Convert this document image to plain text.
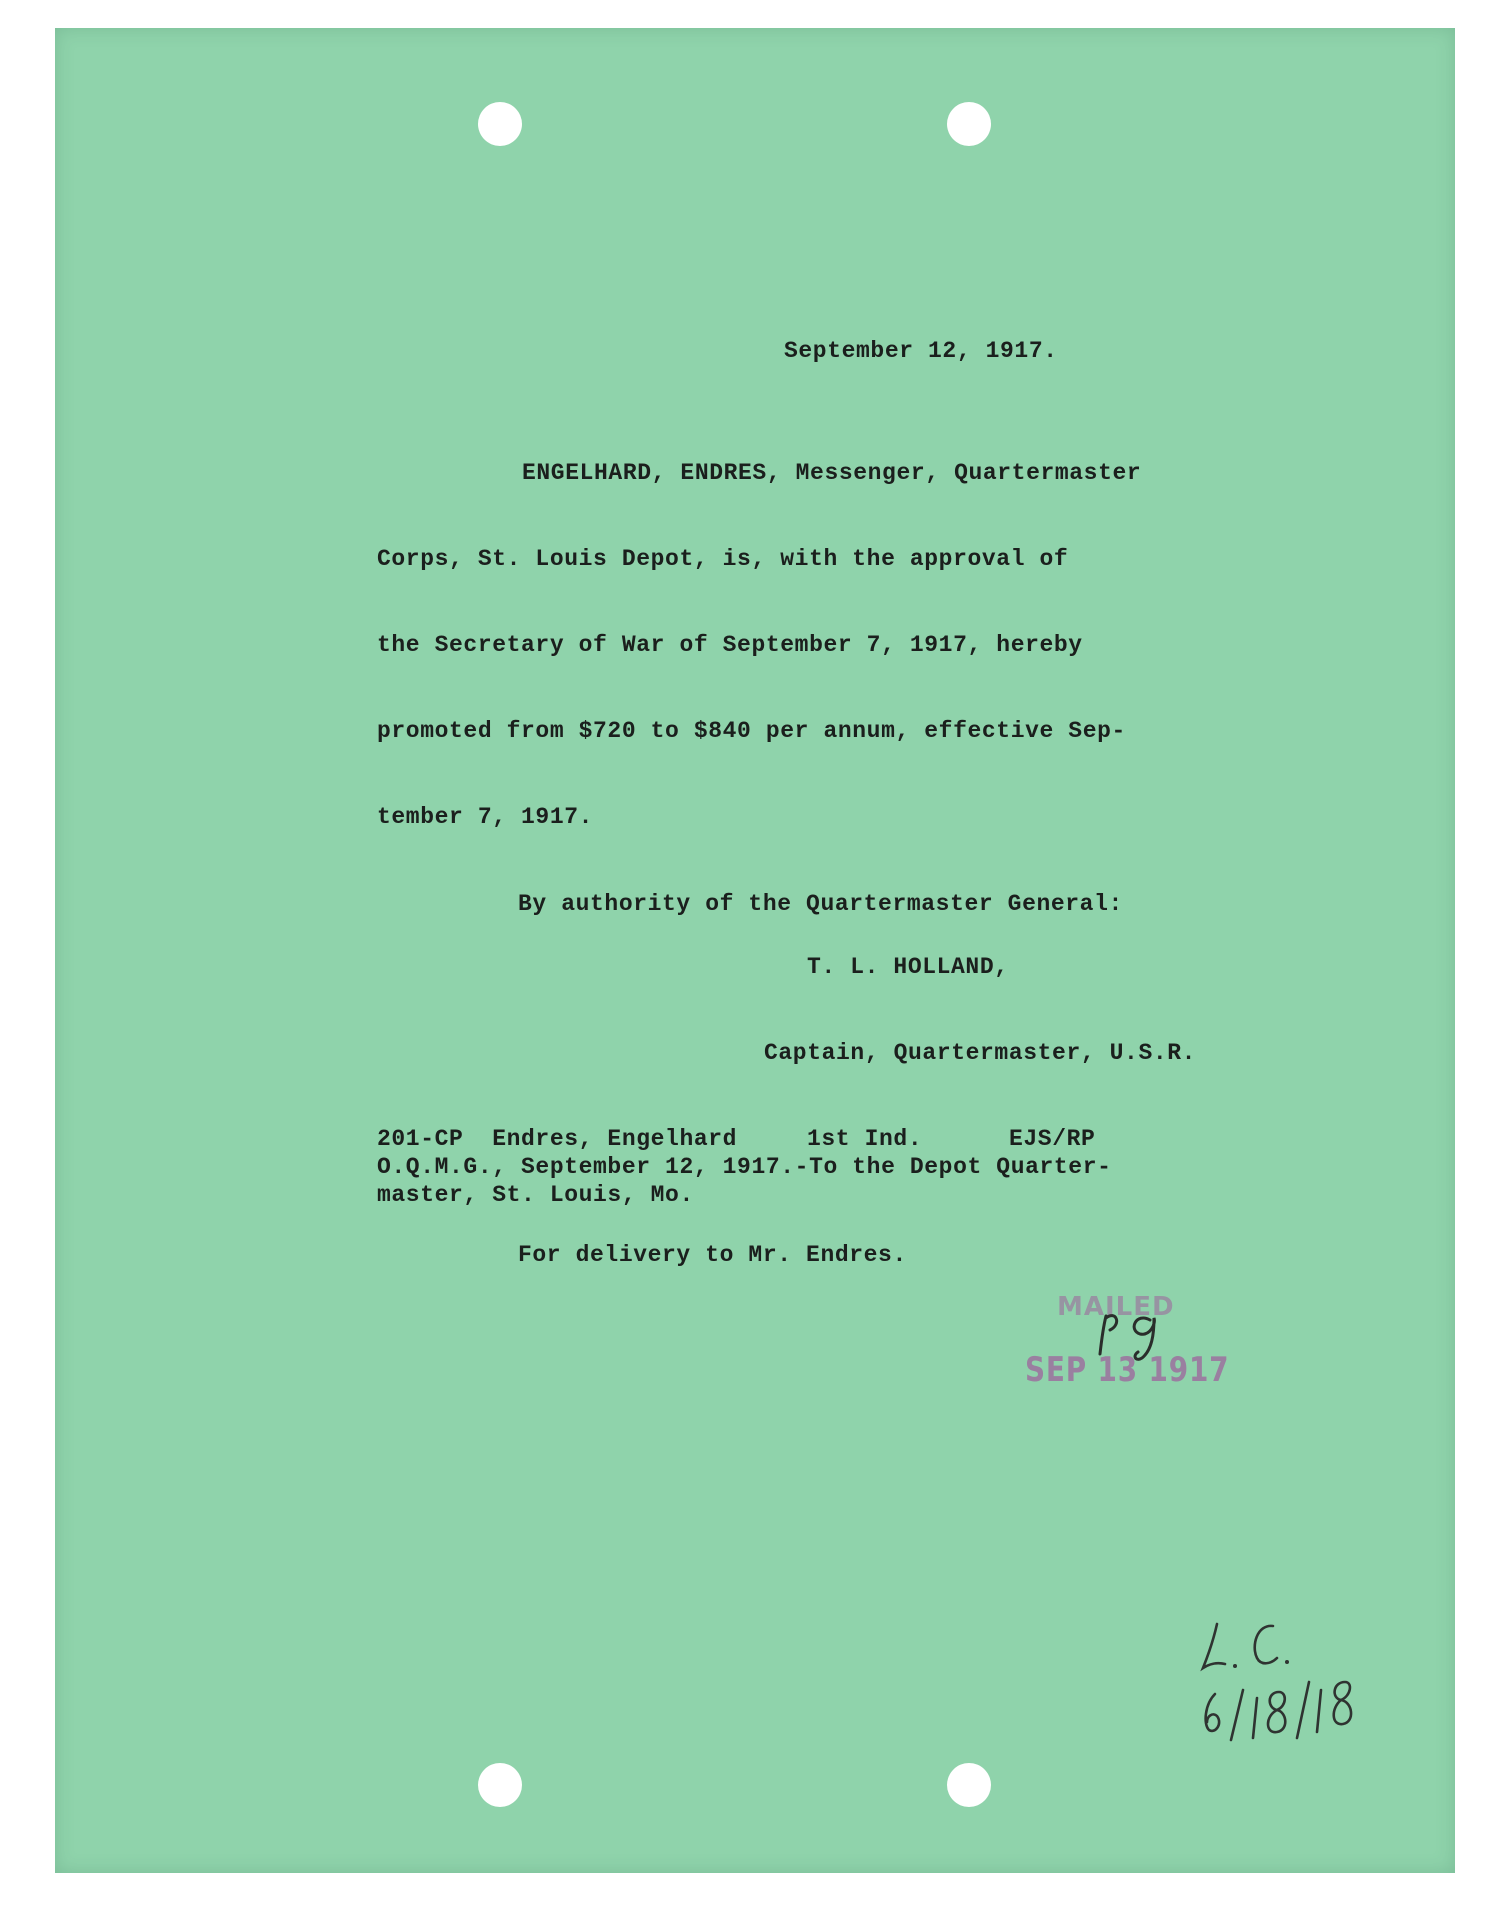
September 12, 1917.
ENGELHARD, ENDRES, Messenger, Quartermaster
Corps, St. Louis Depot, is, with the approval of
the Secretary of War of September 7, 1917, hereby
promoted from $720 to $840 per annum, effective Sep-
tember 7, 1917.
By authority of the Quartermaster General:
T. L. HOLLAND,
Captain, Quartermaster, U.S.R.
201-CP  Endres, Engelhard	1st Ind.	EJS/RP
O.Q.M.G., September 12, 1917.-To the Depot Quarter-
master, St. Louis, Mo.
For delivery to Mr. Endres.
MAILED
SEP 13 1917
